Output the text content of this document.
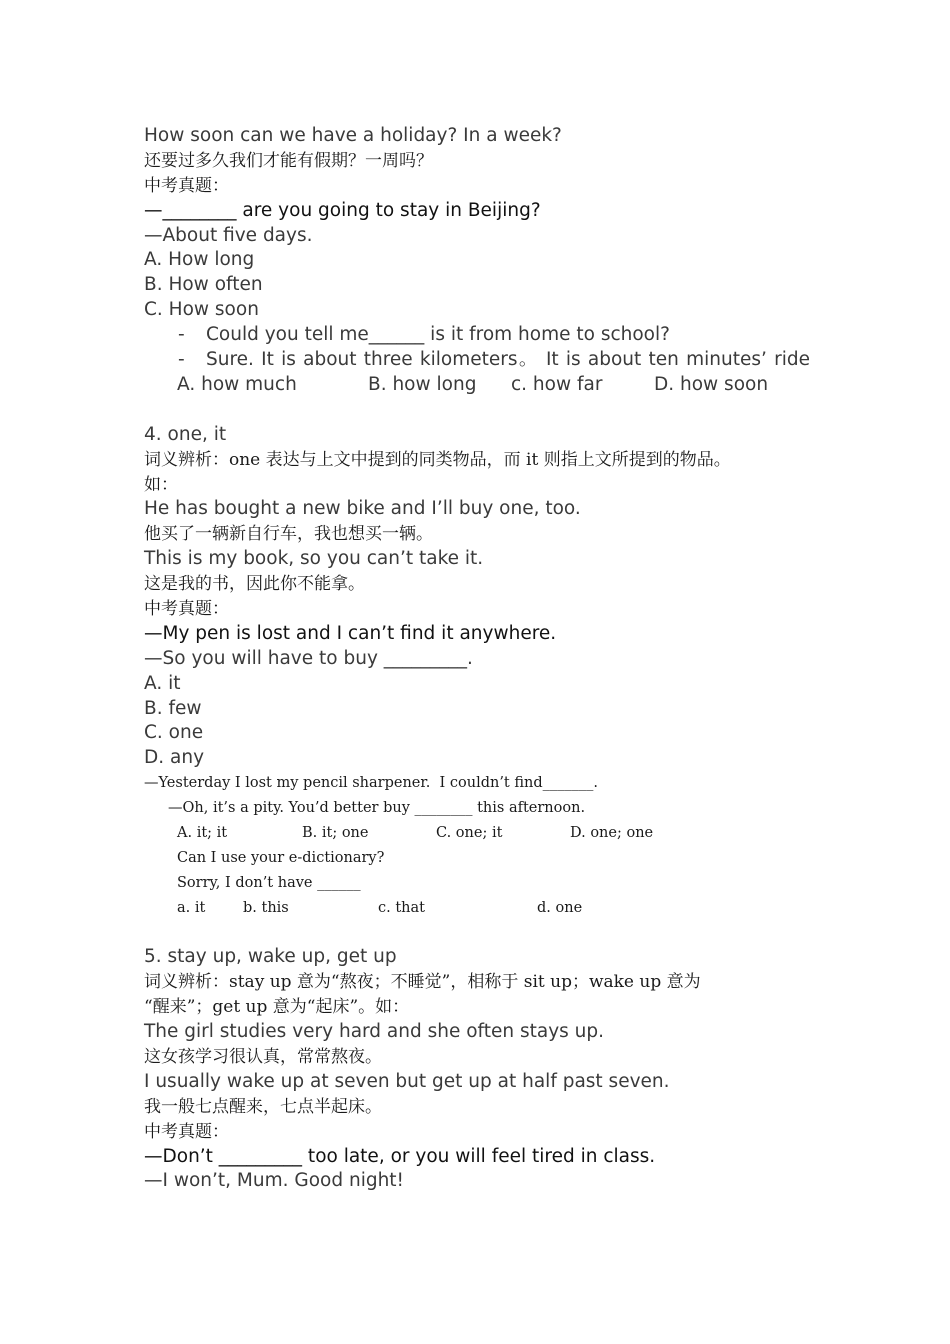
How soon can we have a holiday? In a week?
还要过多久我们才能有假期？一周吗？
中考真题：
—________ are you going to stay in Beijing?
—About five days.
A. How long
B. How often
C. How soon
- Could you tell me______ is it from home to school?
- Sure. It is about three kilometers。 It is about ten minutes’ ride

A. how much

	B. how long

c. how far

	D. how soon

4. one, it
词义辨析：one 表达与上文中提到的同类物品，而 it 则指上文所提到的物品。
如：
He has bought a new bike and I’ll buy one, too.
他买了一辆新自行车，我也想买一辆。
This is my book, so you can’t take it.
这是我的书，因此你不能拿。
中考真题：
—My pen is lost and I can’t find it anywhere.
—So you will have to buy _________.
A. it
B. few
C. one
D. any
—Yesterday I lost my pencil sharpener.  I couldn’t find_______.
—Oh, it’s a pity. You’d better buy ________ this afternoon.

A. it; it

	B. it; one

	C. one; it

	D. one; one

Can I use your e-dictionary?
Sorry, I don’t have ______

a. it

	b. this

	c. that

	d. one

5. stay up, wake up, get up
词义辨析：stay up 意为“熬夜；不睡觉”，相称于 sit up；wake up 意为
“醒来”；get up 意为“起床”。如：
The girl studies very hard and she often stays up.
这女孩学习很认真，常常熬夜。
I usually wake up at seven but get up at half past seven.
我一般七点醒来，七点半起床。
中考真题：
—Don’t _________ too late, or you will feel tired in class.
—I won’t, Mum. Good night!
